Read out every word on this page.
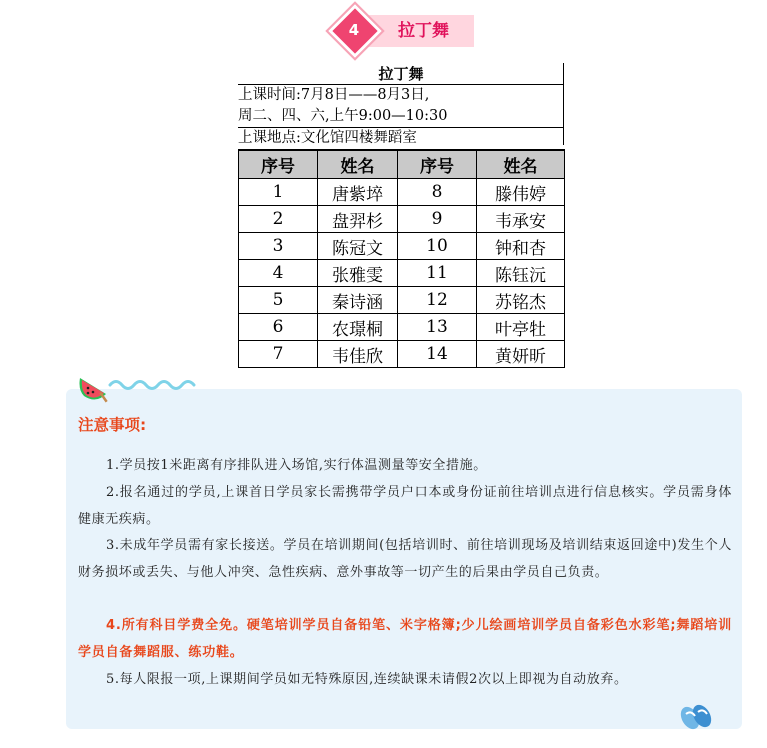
4	拉丁舞
拉丁舞
上课时间:7月8日——8月3日,
周二、四、六,上午9:00—10:30
上课地点:文化馆四楼舞蹈室
序号	姓名	序号	姓名
1	唐紫埣	8	滕伟婷
2	盘羿杉	9	韦承安
3	陈冠文	10	钟和杏
4	张雅雯	11	陈钰沅
5	秦诗涵	12	苏铭杰
6	农璟桐	13	叶亭牡
7	韦佳欣	14	黄妍昕
注意事项:
1.学员按1米距离有序排队进入场馆,实行体温测量等安全措施。
2.报名通过的学员,上课首日学员家长需携带学员户口本或身份证前往培训点进行信息核实。学员需身体健康无疾病。
3.未成年学员需有家长接送。学员在培训期间(包括培训时、前往培训现场及培训结束返回途中)发生个人财务损坏或丢失、与他人冲突、急性疾病、意外事故等一切产生的后果由学员自己负责。
4.所有科目学费全免。硬笔培训学员自备铅笔、米字格簿;少儿绘画培训学员自备彩色水彩笔;舞蹈培训学员自备舞蹈服、练功鞋。
5.每人限报一项,上课期间学员如无特殊原因,连续缺课未请假2次以上即视为自动放弃。
